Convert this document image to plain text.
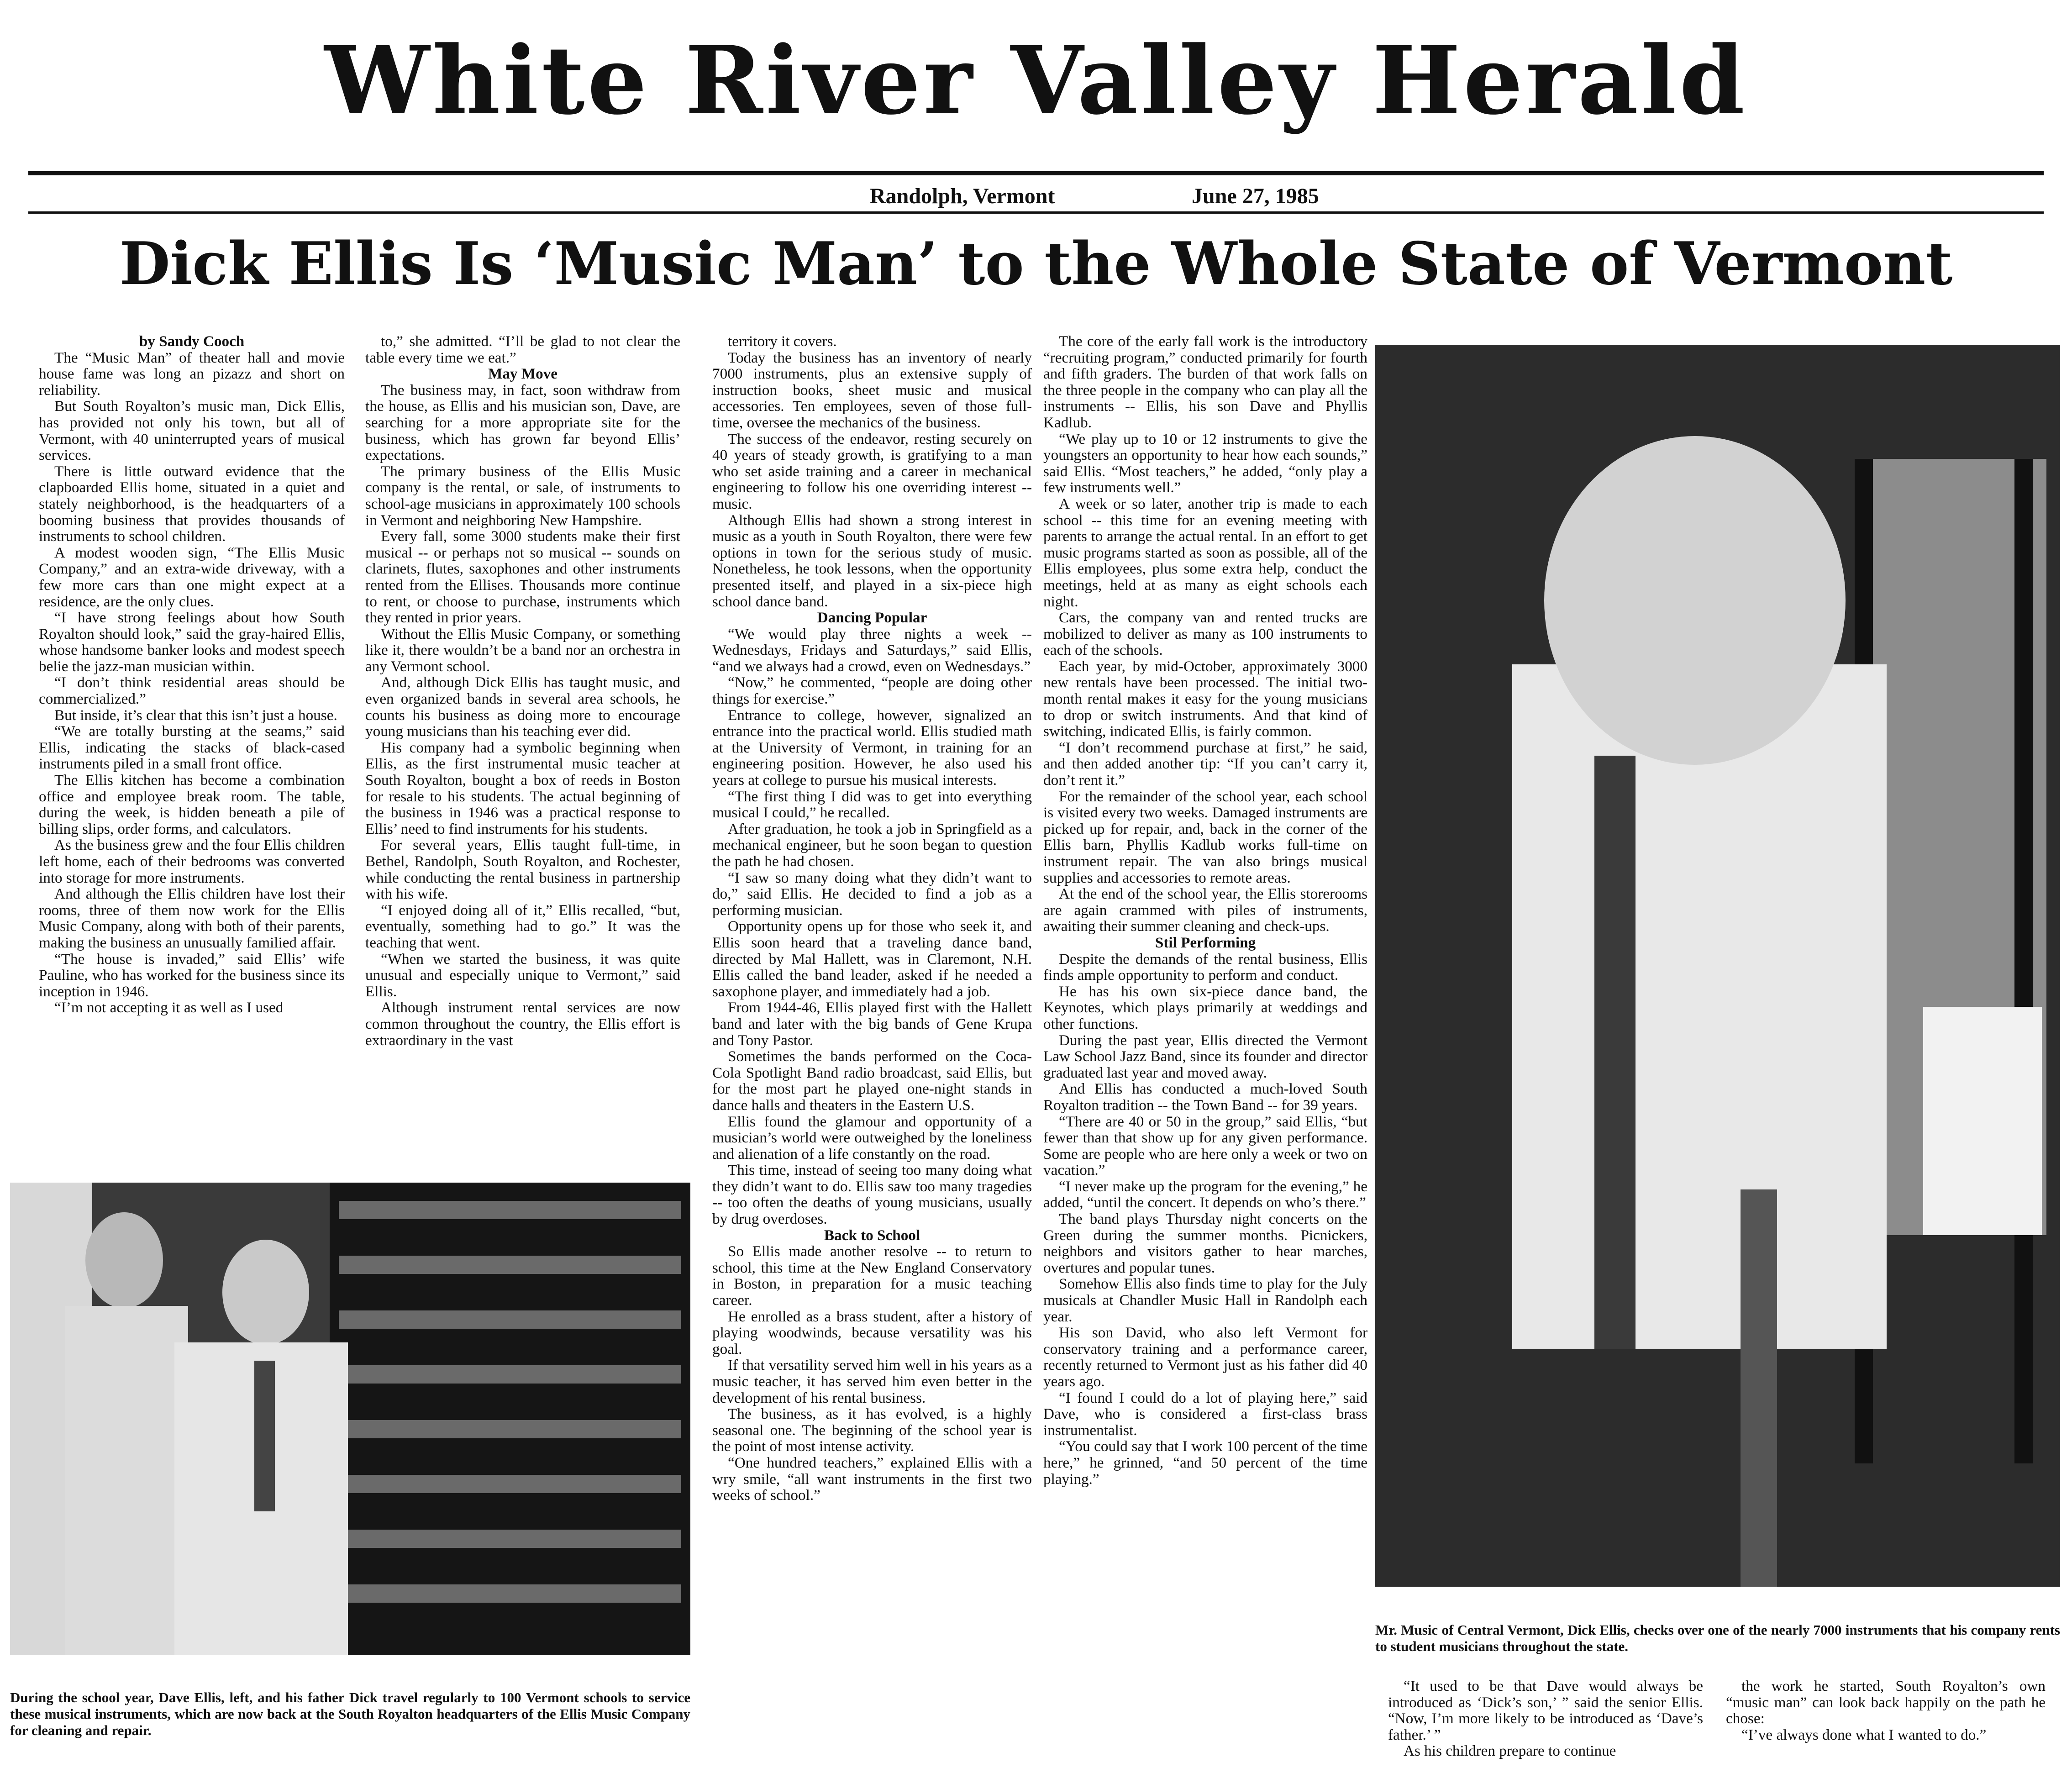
White River Valley Herald
Randolph, Vermont	June 27, 1985
Dick Ellis Is ‘Music Man’ to the Whole State of Vermont

by Sandy Cooch

The “Music Man” of theater hall and movie house fame was long an pizazz and short on reliability.

But South Royalton’s music man, Dick Ellis, has provided not only his town, but all of Vermont, with 40 uninterrupted years of musical services.

There is little outward evidence that the clapboarded Ellis home, situated in a quiet and stately neighborhood, is the headquarters of a booming business that provides thousands of instruments to school children.

A modest wooden sign, “The Ellis Music Company,” and an extra-wide driveway, with a few more cars than one might expect at a residence, are the only clues.

“I have strong feelings about how South Royalton should look,” said the gray-haired Ellis, whose handsome banker looks and modest speech belie the jazz-man musician within.

“I don’t think residential areas should be commercialized.”

But inside, it’s clear that this isn’t just a house.

“We are totally bursting at the seams,” said Ellis, indicating the stacks of black-cased instruments piled in a small front office.

The Ellis kitchen has become a combination office and employee break room. The table, during the week, is hidden beneath a pile of billing slips, order forms, and calculators.

As the business grew and the four Ellis children left home, each of their bedrooms was converted into storage for more instruments.

And although the Ellis children have lost their rooms, three of them now work for the Ellis Music Company, along with both of their parents, making the business an unusually familied affair.

“The house is invaded,” said Ellis’ wife Pauline, who has worked for the business since its inception in 1946.

“I’m not accepting it as well as I used

to,” she admitted. “I’ll be glad to not clear the table every time we eat.”

May Move

The business may, in fact, soon withdraw from the house, as Ellis and his musician son, Dave, are searching for a more appropriate site for the business, which has grown far beyond Ellis’ expectations.

The primary business of the Ellis Music company is the rental, or sale, of instruments to school-age musicians in approximately 100 schools in Vermont and neighboring New Hampshire.

Every fall, some 3000 students make their first musical -- or perhaps not so musical -- sounds on clarinets, flutes, saxophones and other instruments rented from the Ellises. Thousands more continue to rent, or choose to purchase, instruments which they rented in prior years.

Without the Ellis Music Company, or something like it, there wouldn’t be a band nor an orchestra in any Vermont school.

And, although Dick Ellis has taught music, and even organized bands in several area schools, he counts his business as doing more to encourage young musicians than his teaching ever did.

His company had a symbolic beginning when Ellis, as the first instrumental music teacher at South Royalton, bought a box of reeds in Boston for resale to his students. The actual beginning of the business in 1946 was a practical response to Ellis’ need to find instruments for his students.

For several years, Ellis taught full-time, in Bethel, Randolph, South Royalton, and Rochester, while conducting the rental business in partnership with his wife.

“I enjoyed doing all of it,” Ellis recalled, “but, eventually, something had to go.” It was the teaching that went.

“When we started the business, it was quite unusual and especially unique to Vermont,” said Ellis.

Although instrument rental services are now common throughout the country, the Ellis effort is extraordinary in the vast

territory it covers.

Today the business has an inventory of nearly 7000 instruments, plus an extensive supply of instruction books, sheet music and musical accessories. Ten employees, seven of those full-time, oversee the mechanics of the business.

The success of the endeavor, resting securely on 40 years of steady growth, is gratifying to a man who set aside training and a career in mechanical engineering to follow his one overriding interest -- music.

Although Ellis had shown a strong interest in music as a youth in South Royalton, there were few options in town for the serious study of music. Nonetheless, he took lessons, when the opportunity presented itself, and played in a six-piece high school dance band.

Dancing Popular

“We would play three nights a week -- Wednesdays, Fridays and Saturdays,” said Ellis, “and we always had a crowd, even on Wednesdays.”

“Now,” he commented, “people are doing other things for exercise.”

Entrance to college, however, signalized an entrance into the practical world. Ellis studied math at the University of Vermont, in training for an engineering position. However, he also used his years at college to pursue his musical interests.

“The first thing I did was to get into everything musical I could,” he recalled.

After graduation, he took a job in Springfield as a mechanical engineer, but he soon began to question the path he had chosen.

“I saw so many doing what they didn’t want to do,” said Ellis. He decided to find a job as a performing musician.

Opportunity opens up for those who seek it, and Ellis soon heard that a traveling dance band, directed by Mal Hallett, was in Claremont, N.H. Ellis called the band leader, asked if he needed a saxophone player, and immediately had a job.

From 1944-46, Ellis played first with the Hallett band and later with the big bands of Gene Krupa and Tony Pastor.

Sometimes the bands performed on the Coca-Cola Spotlight Band radio broadcast, said Ellis, but for the most part he played one-night stands in dance halls and theaters in the Eastern U.S.

Ellis found the glamour and opportunity of a musician’s world were outweighed by the loneliness and alienation of a life constantly on the road.

This time, instead of seeing too many doing what they didn’t want to do. Ellis saw too many tragedies -- too often the deaths of young musicians, usually by drug overdoses.

Back to School

So Ellis made another resolve -- to return to school, this time at the New England Conservatory in Boston, in preparation for a music teaching career.

He enrolled as a brass student, after a history of playing woodwinds, because versatility was his goal.

If that versatility served him well in his years as a music teacher, it has served him even better in the development of his rental business.

The business, as it has evolved, is a highly seasonal one. The beginning of the school year is the point of most intense activity.

“One hundred teachers,” explained Ellis with a wry smile, “all want instruments in the first two weeks of school.”

The core of the early fall work is the introductory “recruiting program,” conducted primarily for fourth and fifth graders. The burden of that work falls on the three people in the company who can play all the instruments -- Ellis, his son Dave and Phyllis Kadlub.

“We play up to 10 or 12 instruments to give the youngsters an opportunity to hear how each sounds,” said Ellis. “Most teachers,” he added, “only play a few instruments well.”

A week or so later, another trip is made to each school -- this time for an evening meeting with parents to arrange the actual rental. In an effort to get music programs started as soon as possible, all of the Ellis employees, plus some extra help, conduct the meetings, held at as many as eight schools each night.

Cars, the company van and rented trucks are mobilized to deliver as many as 100 instruments to each of the schools.

Each year, by mid-October, approximately 3000 new rentals have been processed. The initial two-month rental makes it easy for the young musicians to drop or switch instruments. And that kind of switching, indicated Ellis, is fairly common.

“I don’t recommend purchase at first,” he said, and then added another tip: “If you can’t carry it, don’t rent it.”

For the remainder of the school year, each school is visited every two weeks. Damaged instruments are picked up for repair, and, back in the corner of the Ellis barn, Phyllis Kadlub works full-time on instrument repair. The van also brings musical supplies and accessories to remote areas.

At the end of the school year, the Ellis storerooms are again crammed with piles of instruments, awaiting their summer cleaning and check-ups.

Stil Performing

Despite the demands of the rental business, Ellis finds ample opportunity to perform and conduct.

He has his own six-piece dance band, the Keynotes, which plays primarily at weddings and other functions.

During the past year, Ellis directed the Vermont Law School Jazz Band, since its founder and director graduated last year and moved away.

And Ellis has conducted a much-loved South Royalton tradition -- the Town Band -- for 39 years.

“There are 40 or 50 in the group,” said Ellis, “but fewer than that show up for any given performance. Some are people who are here only a week or two on vacation.”

“I never make up the program for the evening,” he added, “until the concert. It depends on who’s there.”

The band plays Thursday night concerts on the Green during the summer months. Picnickers, neighbors and visitors gather to hear marches, overtures and popular tunes.

Somehow Ellis also finds time to play for the July musicals at Chandler Music Hall in Randolph each year.

His son David, who also left Vermont for conservatory training and a performance career, recently returned to Vermont just as his father did 40 years ago.

“I found I could do a lot of playing here,” said Dave, who is considered a first-class brass instrumentalist.

“You could say that I work 100 percent of the time here,” he grinned, “and 50 percent of the time playing.”

During the school year, Dave Ellis, left, and his father Dick travel regularly to 100 Vermont schools to service these musical instruments, which are now back at the South Royalton headquarters of the Ellis Music Company for cleaning and repair.
Mr. Music of Central Vermont, Dick Ellis, checks over one of the nearly 7000 instruments that his company rents to student musicians throughout the state.

“It used to be that Dave would always be introduced as ‘Dick’s son,’ ” said the senior Ellis. “Now, I’m more likely to be introduced as ‘Dave’s father.’ ”

As his children prepare to continue

the work he started, South Royalton’s own “music man” can look back happily on the path he chose:

“I’ve always done what I wanted to do.”
